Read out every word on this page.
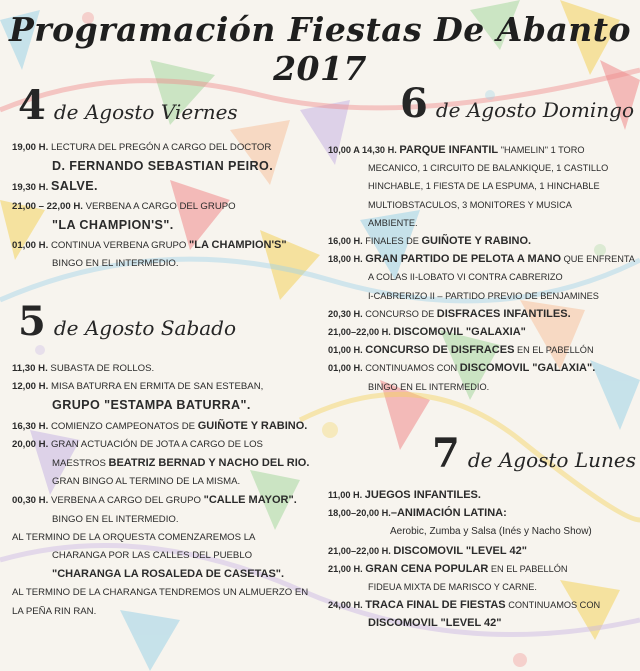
Programación Fiestas De Abanto 2017
4 de Agosto Viernes
5 de Agosto Sabado
6 de Agosto Domingo
7 de Agosto Lunes
19,00 H. LECTURA DEL PREGÓN A CARGO DEL DOCTOR
D. FERNANDO SEBASTIAN PEIRO.
19,30 H. SALVE.
21,00 – 22,00 H. VERBENA A CARGO DEL GRUPO
"LA CHAMPION'S".
01,00 H. CONTINUA VERBENA GRUPO "LA CHAMPION'S"
BINGO EN EL INTERMEDIO.
11,30 H. SUBASTA DE ROLLOS.
12,00 H. MISA BATURRA EN ERMITA DE SAN ESTEBAN,
GRUPO "ESTAMPA BATURRA".
16,30 H. COMIENZO CAMPEONATOS DE GUIÑOTE Y RABINO.
20,00 H. GRAN ACTUACIÓN DE JOTA A CARGO DE LOS
MAESTROS BEATRIZ BERNAD Y NACHO DEL RIO.
GRAN BINGO AL TERMINO DE LA MISMA.
00,30 H. VERBENA A CARGO DEL GRUPO "CALLE MAYOR".
BINGO EN EL INTERMEDIO.
AL TERMINO DE LA ORQUESTA COMENZAREMOS LA
CHARANGA POR LAS CALLES DEL PUEBLO
"CHARANGA LA ROSALEDA DE CASETAS".
AL TERMINO DE LA CHARANGA TENDREMOS UN ALMUERZO EN
LA PEÑA RIN RAN.
10,00 A 14,30 H. PARQUE INFANTIL "HAMELIN" 1 TORO
MECANICO, 1 CIRCUITO DE BALANKIQUE, 1 CASTILLO
HINCHABLE, 1 FIESTA DE LA ESPUMA, 1 HINCHABLE
MULTIOBSTACULOS, 3 MONITORES Y MUSICA
AMBIENTE.
16,00 H. FINALES DE GUIÑOTE Y RABINO.
18,00 H. GRAN PARTIDO DE PELOTA A MANO QUE ENFRENTA
A COLAS II-LOBATO VI CONTRA CABRERIZO
I-CABRERIZO II – PARTIDO PREVIO DE BENJAMINES
20,30 H. CONCURSO DE DISFRACES INFANTILES.
21,00–22,00 H. DISCOMOVIL "GALAXIA"
01,00 H. CONCURSO DE DISFRACES EN EL PABELLÓN
01,00 H. CONTINUAMOS CON DISCOMOVIL "GALAXIA".
BINGO EN EL INTERMEDIO.
11,00 H. JUEGOS INFANTILES.
18,00–20,00 H.–ANIMACIÓN LATINA:
Aerobic, Zumba y Salsa (Inés y Nacho Show)
21,00–22,00 H. DISCOMOVIL "LEVEL 42"
21,00 H. GRAN CENA POPULAR EN EL PABELLÓN
FIDEUA MIXTA DE MARISCO Y CARNE.
24,00 H. TRACA FINAL DE FIESTAS CONTINUAMOS CON
DISCOMOVIL "LEVEL 42"
